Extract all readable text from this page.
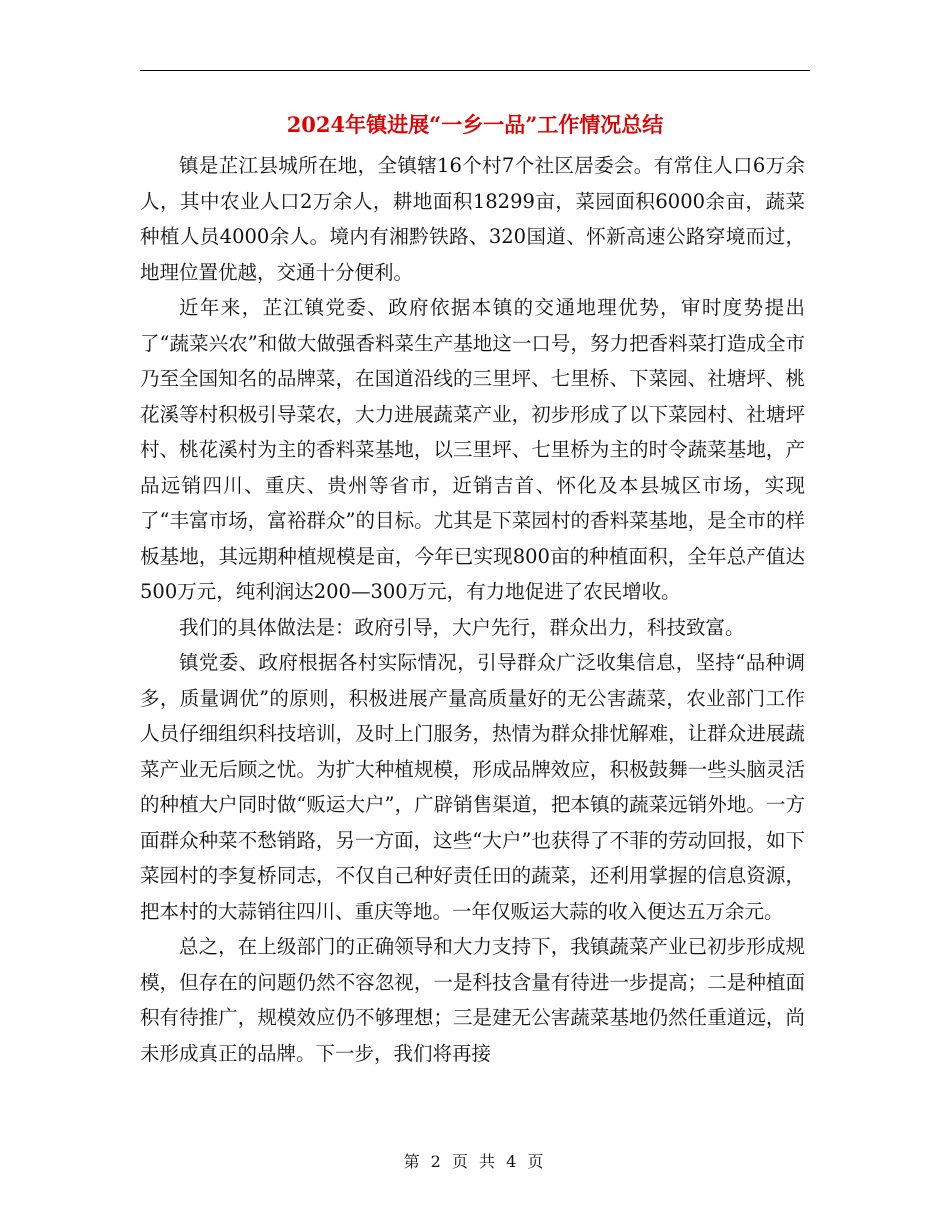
2024年镇进展“一乡一品”工作情况总结

镇是芷江县城所在地，全镇辖16个村7个社区居委会。有常住人口6万余人，其中农业人口2万余人，耕地面积18299亩，菜园面积6000余亩，蔬菜种植人员4000余人。境内有湘黔铁路、320国道、怀新高速公路穿境而过，地理位置优越，交通十分便利。

近年来，芷江镇党委、政府依据本镇的交通地理优势，审时度势提出了“蔬菜兴农”和做大做强香料菜生产基地这一口号，努力把香料菜打造成全市乃至全国知名的品牌菜，在国道沿线的三里坪、七里桥、下菜园、社塘坪、桃花溪等村积极引导菜农，大力进展蔬菜产业，初步形成了以下菜园村、社塘坪村、桃花溪村为主的香料菜基地，以三里坪、七里桥为主的时令蔬菜基地，产品远销四川、重庆、贵州等省市，近销吉首、怀化及本县城区市场，实现了“丰富市场，富裕群众”的目标。尤其是下菜园村的香料菜基地，是全市的样板基地，其远期种植规模是亩，今年已实现800亩的种植面积，全年总产值达500万元，纯利润达200—300万元，有力地促进了农民增收。

我们的具体做法是：政府引导，大户先行，群众出力，科技致富。

镇党委、政府根据各村实际情况，引导群众广泛收集信息，坚持“品种调多，质量调优”的原则，积极进展产量高质量好的无公害蔬菜，农业部门工作人员仔细组织科技培训，及时上门服务，热情为群众排忧解难，让群众进展蔬菜产业无后顾之忧。为扩大种植规模，形成品牌效应，积极鼓舞一些头脑灵活的种植大户同时做“贩运大户”，广辟销售渠道，把本镇的蔬菜远销外地。一方面群众种菜不愁销路，另一方面，这些“大户”也获得了不菲的劳动回报，如下菜园村的李复桥同志，不仅自己种好责任田的蔬菜，还利用掌握的信息资源，把本村的大蒜销往四川、重庆等地。一年仅贩运大蒜的收入便达五万余元。

总之，在上级部门的正确领导和大力支持下，我镇蔬菜产业已初步形成规模，但存在的问题仍然不容忽视，一是科技含量有待进一步提高；二是种植面积有待推广，规模效应仍不够理想；三是建无公害蔬菜基地仍然任重道远，尚未形成真正的品牌。下一步，我们将再接

第 2 页 共 4 页
